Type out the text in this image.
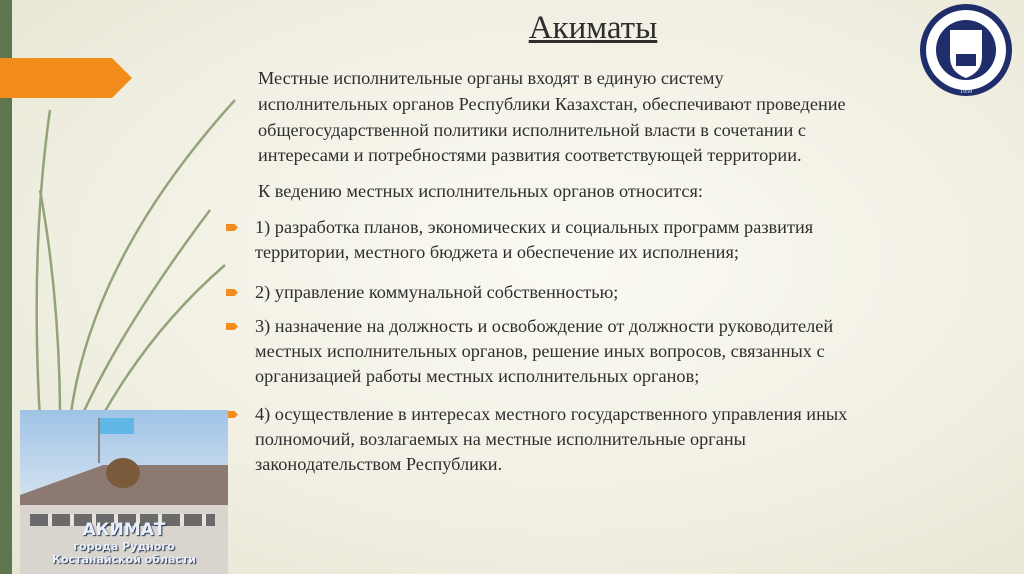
Акиматы
1959
Местные исполнительные органы входят в единую систему
исполнительных органов Республики Казахстан, обеспечивают проведение
общегосударственной политики исполнительной власти в сочетании с
интересами и потребностями развития соответствующей территории.
К ведению местных исполнительных органов относится:
1) разработка планов, экономических и социальных программ развития
территории, местного бюджета и обеспечение их исполнения;
2) управление коммунальной собственностью;
3) назначение на должность и освобождение от должности руководителей
местных исполнительных органов, решение иных вопросов, связанных с
организацией работы местных исполнительных органов;
4) осуществление в интересах местного государственного управления иных
полномочий, возлагаемых на местные исполнительные органы
законодательством Республики.
АКИМАТ
города Рудного
Костанайской области
